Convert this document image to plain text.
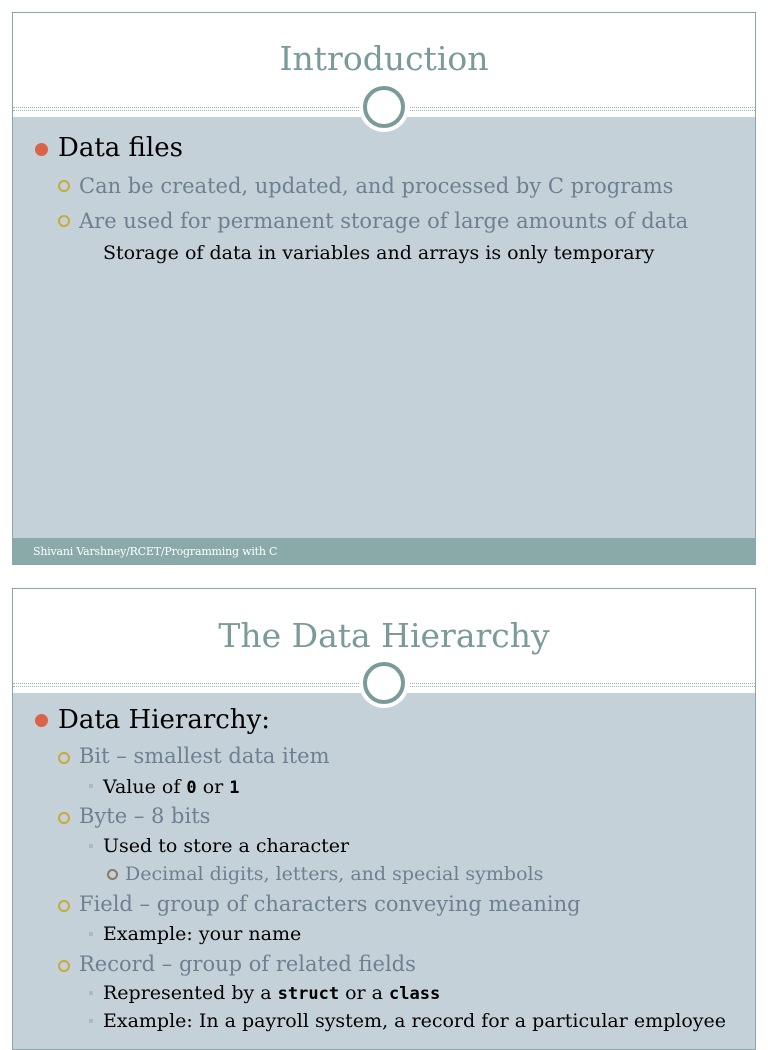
Introduction
Data files
Can be created, updated, and processed by C programs
Are used for permanent storage of large amounts of data
Storage of data in variables and arrays is only temporary
Shivani Varshney/RCET/Programming with C
The Data Hierarchy
Data Hierarchy:
Bit – smallest data item
Value of 0 or 1
Byte – 8 bits
Used to store a character
Decimal digits, letters, and special symbols
Field – group of characters conveying meaning
Example: your name
Record – group of related fields
Represented by a struct or a class
Example: In a payroll system, a record for a particular employee
